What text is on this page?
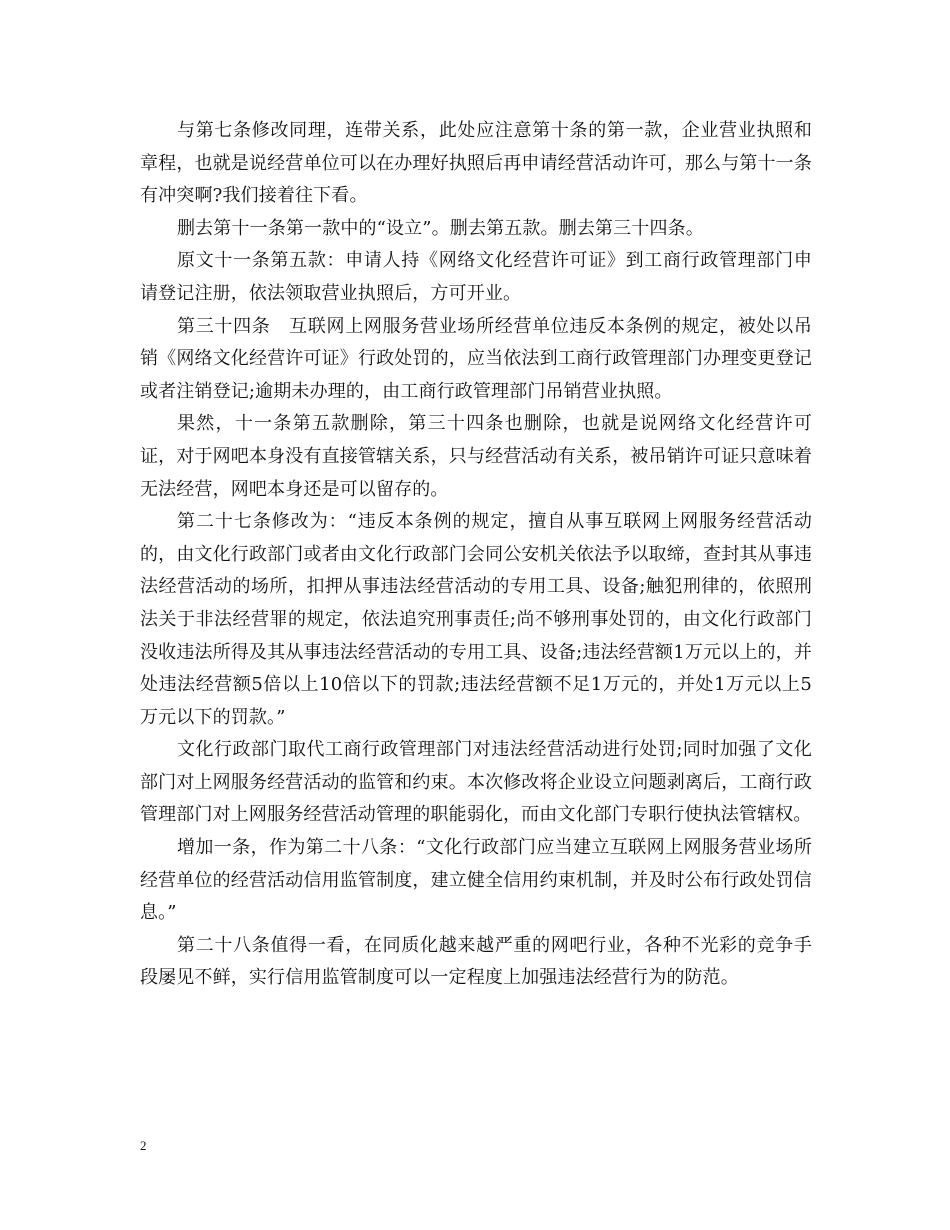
与第七条修改同理，连带关系，此处应注意第十条的第一款，企业营业执照和章程，也就是说经营单位可以在办理好执照后再申请经营活动许可，那么与第十一条有冲突啊?我们接着往下看。

删去第十一条第一款中的“设立”。删去第五款。删去第三十四条。

原文十一条第五款：申请人持《网络文化经营许可证》到工商行政管理部门申请登记注册，依法领取营业执照后，方可开业。

第三十四条　互联网上网服务营业场所经营单位违反本条例的规定，被处以吊销《网络文化经营许可证》行政处罚的，应当依法到工商行政管理部门办理变更登记或者注销登记;逾期未办理的，由工商行政管理部门吊销营业执照。

果然，十一条第五款删除，第三十四条也删除，也就是说网络文化经营许可证，对于网吧本身没有直接管辖关系，只与经营活动有关系，被吊销许可证只意味着无法经营，网吧本身还是可以留存的。

第二十七条修改为：“违反本条例的规定，擅自从事互联网上网服务经营活动的，由文化行政部门或者由文化行政部门会同公安机关依法予以取缔，查封其从事违法经营活动的场所，扣押从事违法经营活动的专用工具、设备;触犯刑律的，依照刑法关于非法经营罪的规定，依法追究刑事责任;尚不够刑事处罚的，由文化行政部门没收违法所得及其从事违法经营活动的专用工具、设备;违法经营额1万元以上的，并处违法经营额5倍以上10倍以下的罚款;违法经营额不足1万元的，并处1万元以上5万元以下的罚款。”

文化行政部门取代工商行政管理部门对违法经营活动进行处罚;同时加强了文化部门对上网服务经营活动的监管和约束。本次修改将企业设立问题剥离后，工商行政管理部门对上网服务经营活动管理的职能弱化，而由文化部门专职行使执法管辖权。

增加一条，作为第二十八条：“文化行政部门应当建立互联网上网服务营业场所经营单位的经营活动信用监管制度，建立健全信用约束机制，并及时公布行政处罚信息。”

第二十八条值得一看，在同质化越来越严重的网吧行业，各种不光彩的竞争手段屡见不鲜，实行信用监管制度可以一定程度上加强违法经营行为的防范。

2
